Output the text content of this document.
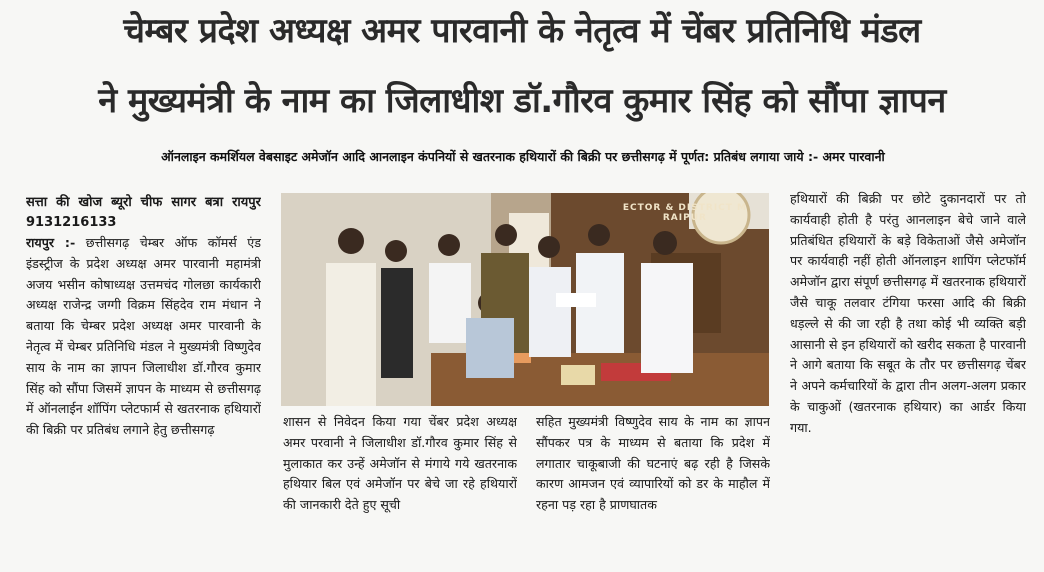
चेम्बर प्रदेश अध्यक्ष अमर पारवानी के नेतृत्व में चेंबर प्रतिनिधि मंडल
ने मुख्यमंत्री के नाम का जिलाधीश डॉ.गौरव कुमार सिंह को सौंपा ज्ञापन
ऑनलाइन कमर्शियल वेबसाइट अमेजॉन आदि आनलाइन कंपनियों से खतरनाक हथियारों की बिक्री पर छत्तीसगढ़ में पूर्णत: प्रतिबंध लगाया जाये :- अमर पारवानी
सत्ता की खोज ब्यूरो चीफ सागर बत्रा रायपुर 9131216133
रायपुर :- छत्तीसगढ़ चेम्बर ऑफ कॉमर्स एंड इंडस्ट्रीज के प्रदेश अध्यक्ष अमर पारवानी महामंत्री अजय भसीन कोषाध्यक्ष उत्तमचंद गोलछा कार्यकारी अध्यक्ष राजेन्द्र जग्गी विक्रम सिंहदेव राम मंधान ने बताया कि चेम्बर प्रदेश अध्यक्ष अमर पारवानी के नेतृत्व में चेम्बर प्रतिनिधि मंडल ने मुख्यमंत्री विष्णुदेव साय के नाम का ज्ञापन जिलाधीश डॉ.गौरव कुमार सिंह को सौंपा जिसमें ज्ञापन के माध्यम से छत्तीसगढ़ में ऑनलाईन शॉपिंग प्लेटफार्म से खतरनाक हथियारों की बिक्री पर प्रतिबंध लगाने हेतु छत्तीसगढ़
ECTOR & DISTRICT M
RAIPUR
शासन से निवेदन किया गया चेंबर प्रदेश अध्यक्ष अमर परवानी ने जिलाधीश डॉ.गौरव कुमार सिंह से मुलाकात कर उन्हें अमेजॉन से मंगाये गये खतरनाक हथियार बिल एवं अमेजॉन पर बेचे जा रहे हथियारों की जानकारी देते हुए सूची
सहित मुख्यमंत्री विष्णुदेव साय के नाम का ज्ञापन सौंपकर पत्र के माध्यम से बताया कि प्रदेश में लगातार चाकूबाजी की घटनाएं बढ़ रही है जिसके कारण आमजन एवं व्यापारियों को डर के माहौल में रहना पड़ रहा है प्राणघातक
हथियारों की बिक्री पर छोटे दुकानदारों पर तो कार्यवाही होती है परंतु आनलाइन बेचे जाने वाले प्रतिबंधित हथियारों के बड़े विकेताओं जैसे अमेजॉन पर कार्यवाही नहीं होती ऑनलाइन शापिंग प्लेटफॉर्म अमेजॉन द्वारा संपूर्ण छत्तीसगढ़ में खतरनाक हथियारों जैसे चाकू तलवार टंगिया फरसा आदि की बिक्री धड़ल्ले से की जा रही है तथा कोई भी व्यक्ति बड़ी आसानी से इन हथियारों को खरीद सकता है पारवानी ने आगे बताया कि सबूत के तौर पर छत्तीसगढ़ चेंबर ने अपने कर्मचारियों के द्वारा तीन अलग-अलग प्रकार के चाकुओं (खतरनाक हथियार) का आर्डर किया गया.
